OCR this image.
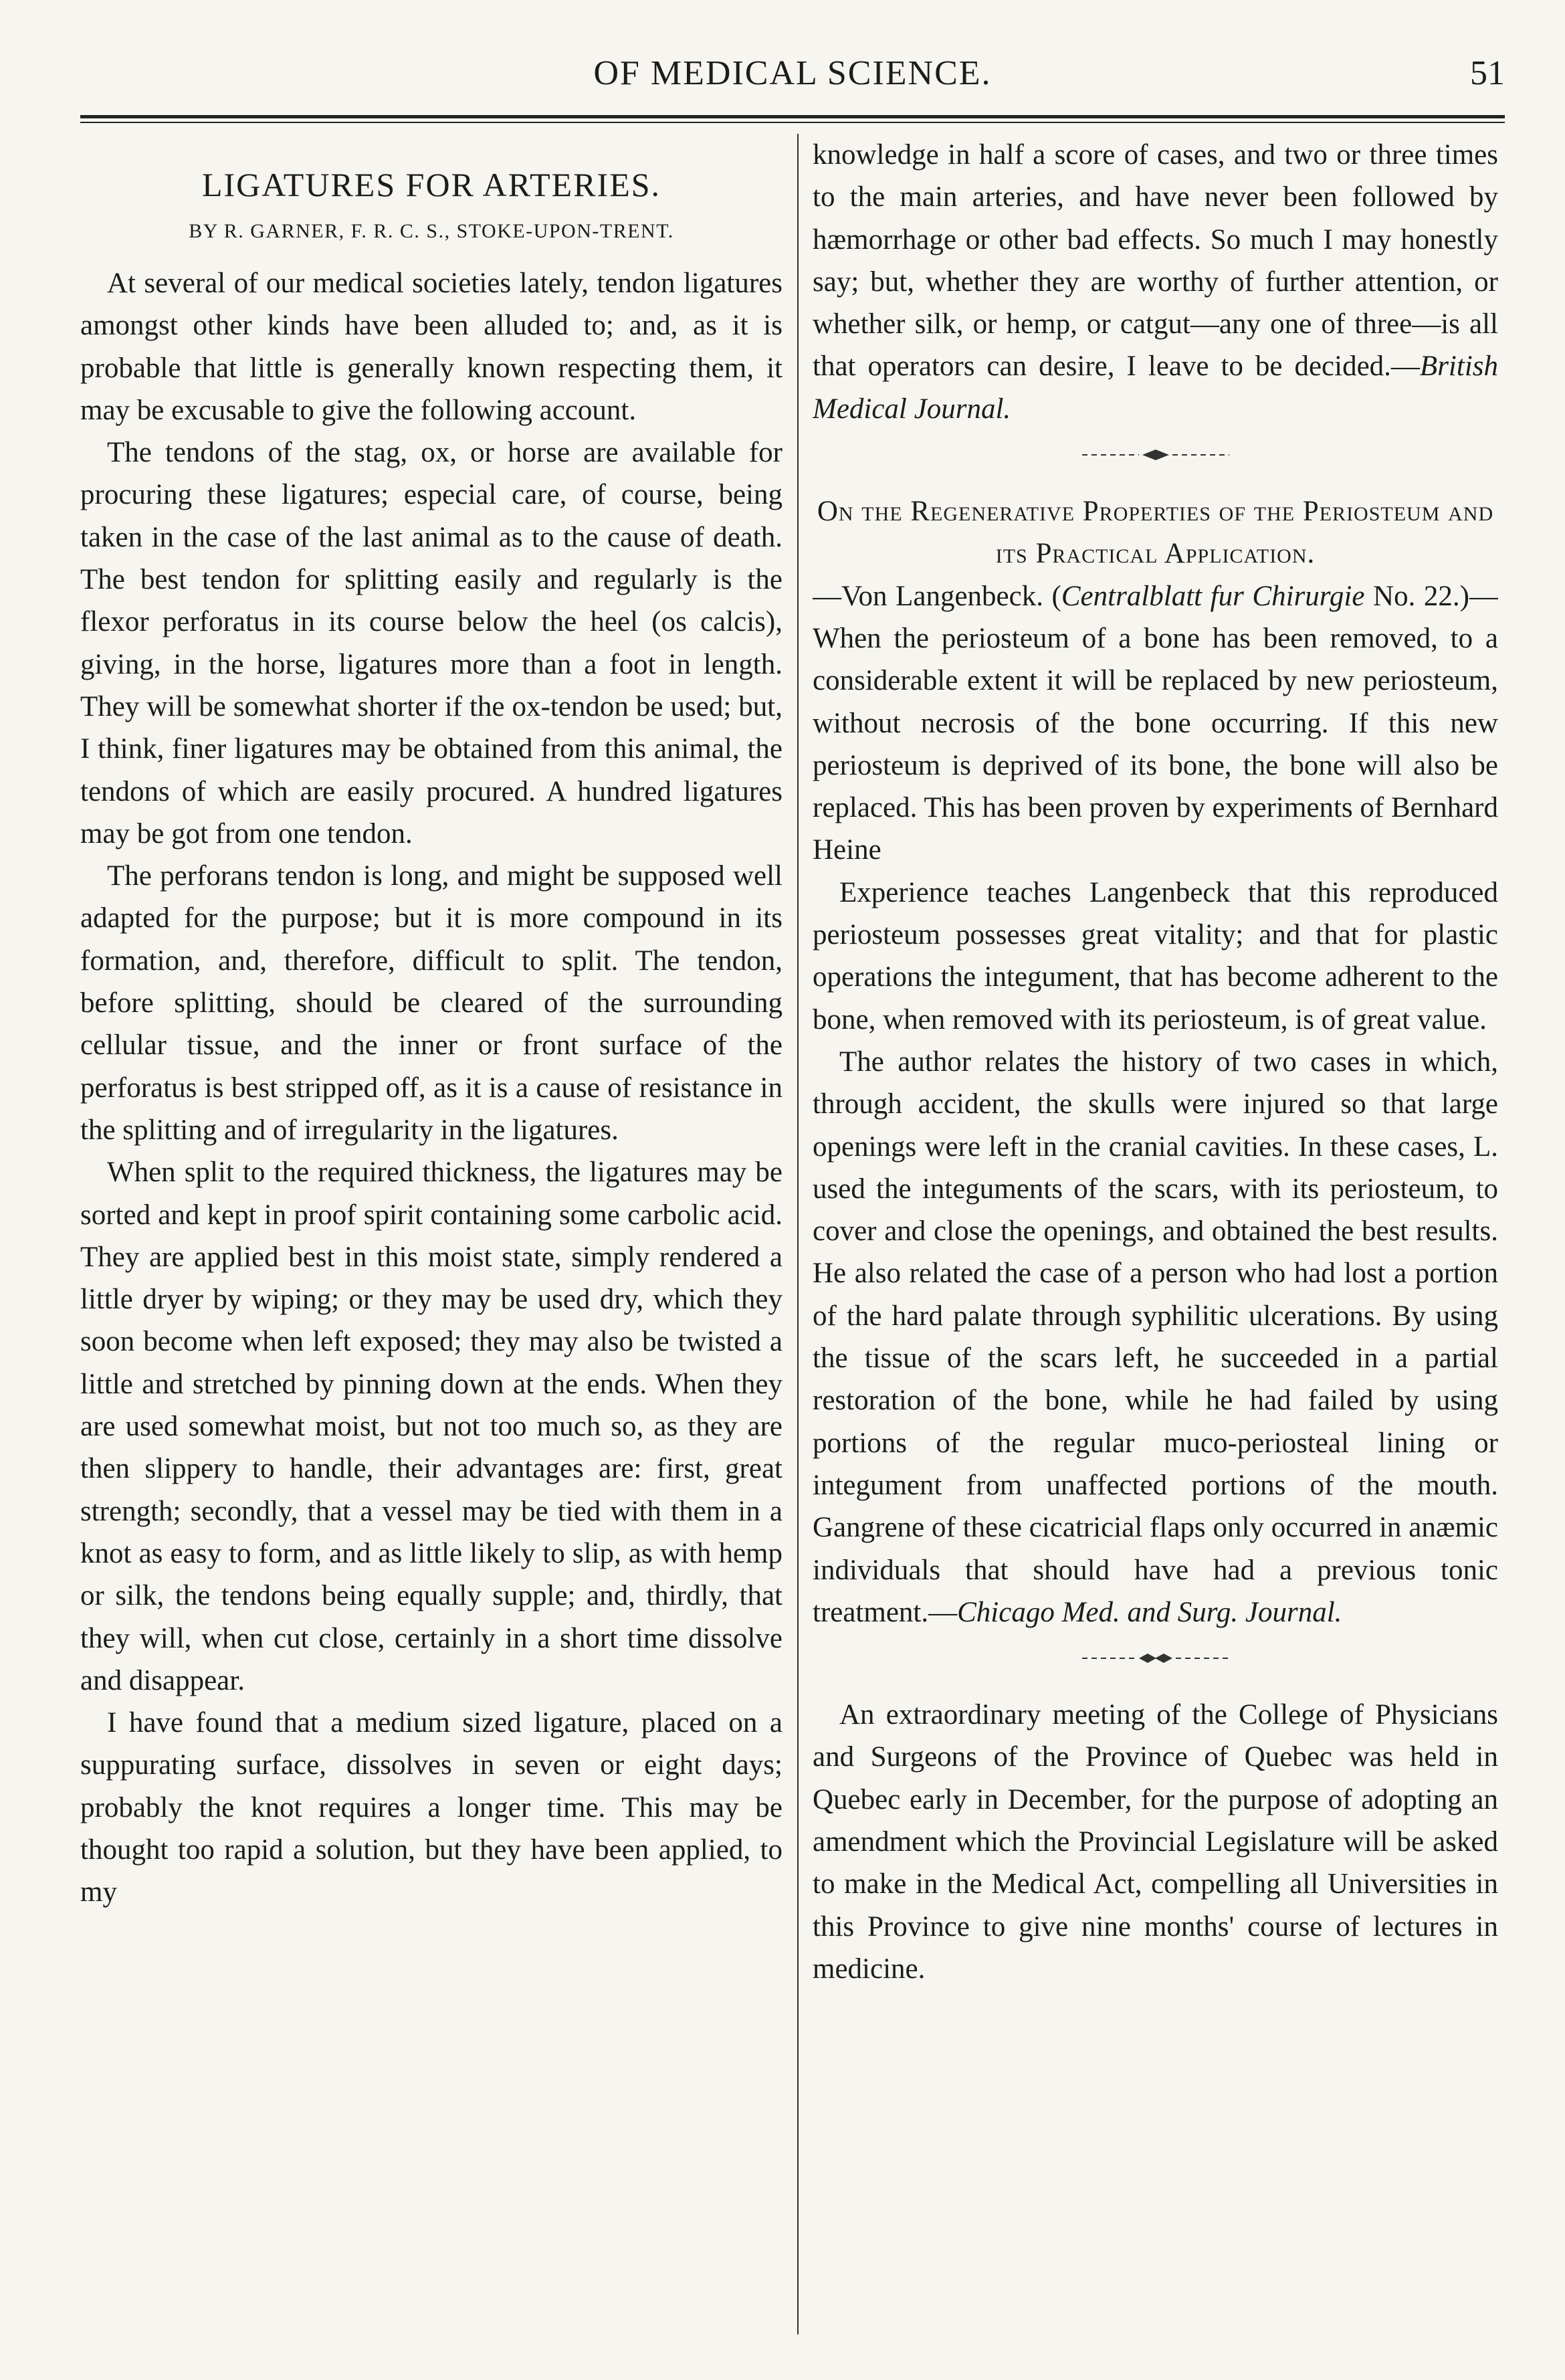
OF MEDICAL SCIENCE.	51
LIGATURES FOR ARTERIES.
BY R. GARNER, F. R. C. S., STOKE-UPON-TRENT.

At several of our medical societies lately, tendon ligatures amongst other kinds have been alluded to; and, as it is probable that little is generally known respecting them, it may be excusable to give the following account.

The tendons of the stag, ox, or horse are available for procuring these ligatures; especial care, of course, being taken in the case of the last animal as to the cause of death. The best tendon for splitting easily and regularly is the flexor perforatus in its course below the heel (os calcis), giving, in the horse, ligatures more than a foot in length. They will be somewhat shorter if the ox-tendon be used; but, I think, finer ligatures may be obtained from this animal, the tendons of which are easily procured. A hundred ligatures may be got from one tendon.

The perforans tendon is long, and might be supposed well adapted for the purpose; but it is more compound in its formation, and, therefore, difficult to split. The tendon, before splitting, should be cleared of the surrounding cellular tissue, and the inner or front surface of the perforatus is best stripped off, as it is a cause of resistance in the splitting and of irregularity in the ligatures.

When split to the required thickness, the ligatures may be sorted and kept in proof spirit containing some carbolic acid. They are applied best in this moist state, simply rendered a little dryer by wiping; or they may be used dry, which they soon become when left exposed; they may also be twisted a little and stretched by pinning down at the ends. When they are used somewhat moist, but not too much so, as they are then slippery to handle, their advantages are: first, great strength; secondly, that a vessel may be tied with them in a knot as easy to form, and as little likely to slip, as with hemp or silk, the tendons being equally supple; and, thirdly, that they will, when cut close, certainly in a short time dissolve and disappear.

I have found that a medium sized ligature, placed on a suppurating surface, dissolves in seven or eight days; probably the knot requires a longer time. This may be thought too rapid a solution, but they have been applied, to my

knowledge in half a score of cases, and two or three times to the main arteries, and have never been followed by hæmorrhage or other bad effects. So much I may honestly say; but, whether they are worthy of further attention, or whether silk, or hemp, or catgut—any one of three—is all that operators can desire, I leave to be decided.—British Medical Journal.

On the Regenerative Properties of the Periosteum and its Practical Application.

—Von Langenbeck. (Centralblatt fur Chirurgie No. 22.)—When the periosteum of a bone has been removed, to a considerable extent it will be replaced by new periosteum, without necrosis of the bone occurring. If this new periosteum is deprived of its bone, the bone will also be replaced. This has been proven by experiments of Bernhard Heine

Experience teaches Langenbeck that this reproduced periosteum possesses great vitality; and that for plastic operations the integument, that has become adherent to the bone, when removed with its periosteum, is of great value.

The author relates the history of two cases in which, through accident, the skulls were injured so that large openings were left in the cranial cavities. In these cases, L. used the integuments of the scars, with its periosteum, to cover and close the openings, and obtained the best results. He also related the case of a person who had lost a portion of the hard palate through syphilitic ulcerations. By using the tissue of the scars left, he succeeded in a partial restoration of the bone, while he had failed by using portions of the regular muco-periosteal lining or integument from unaffected portions of the mouth. Gangrene of these cicatricial flaps only occurred in anæmic individuals that should have had a previous tonic treatment.—Chicago Med. and Surg. Journal.

An extraordinary meeting of the College of Physicians and Surgeons of the Province of Quebec was held in Quebec early in December, for the purpose of adopting an amendment which the Provincial Legislature will be asked to make in the Medical Act, compelling all Universities in this Province to give nine months' course of lectures in medicine.
